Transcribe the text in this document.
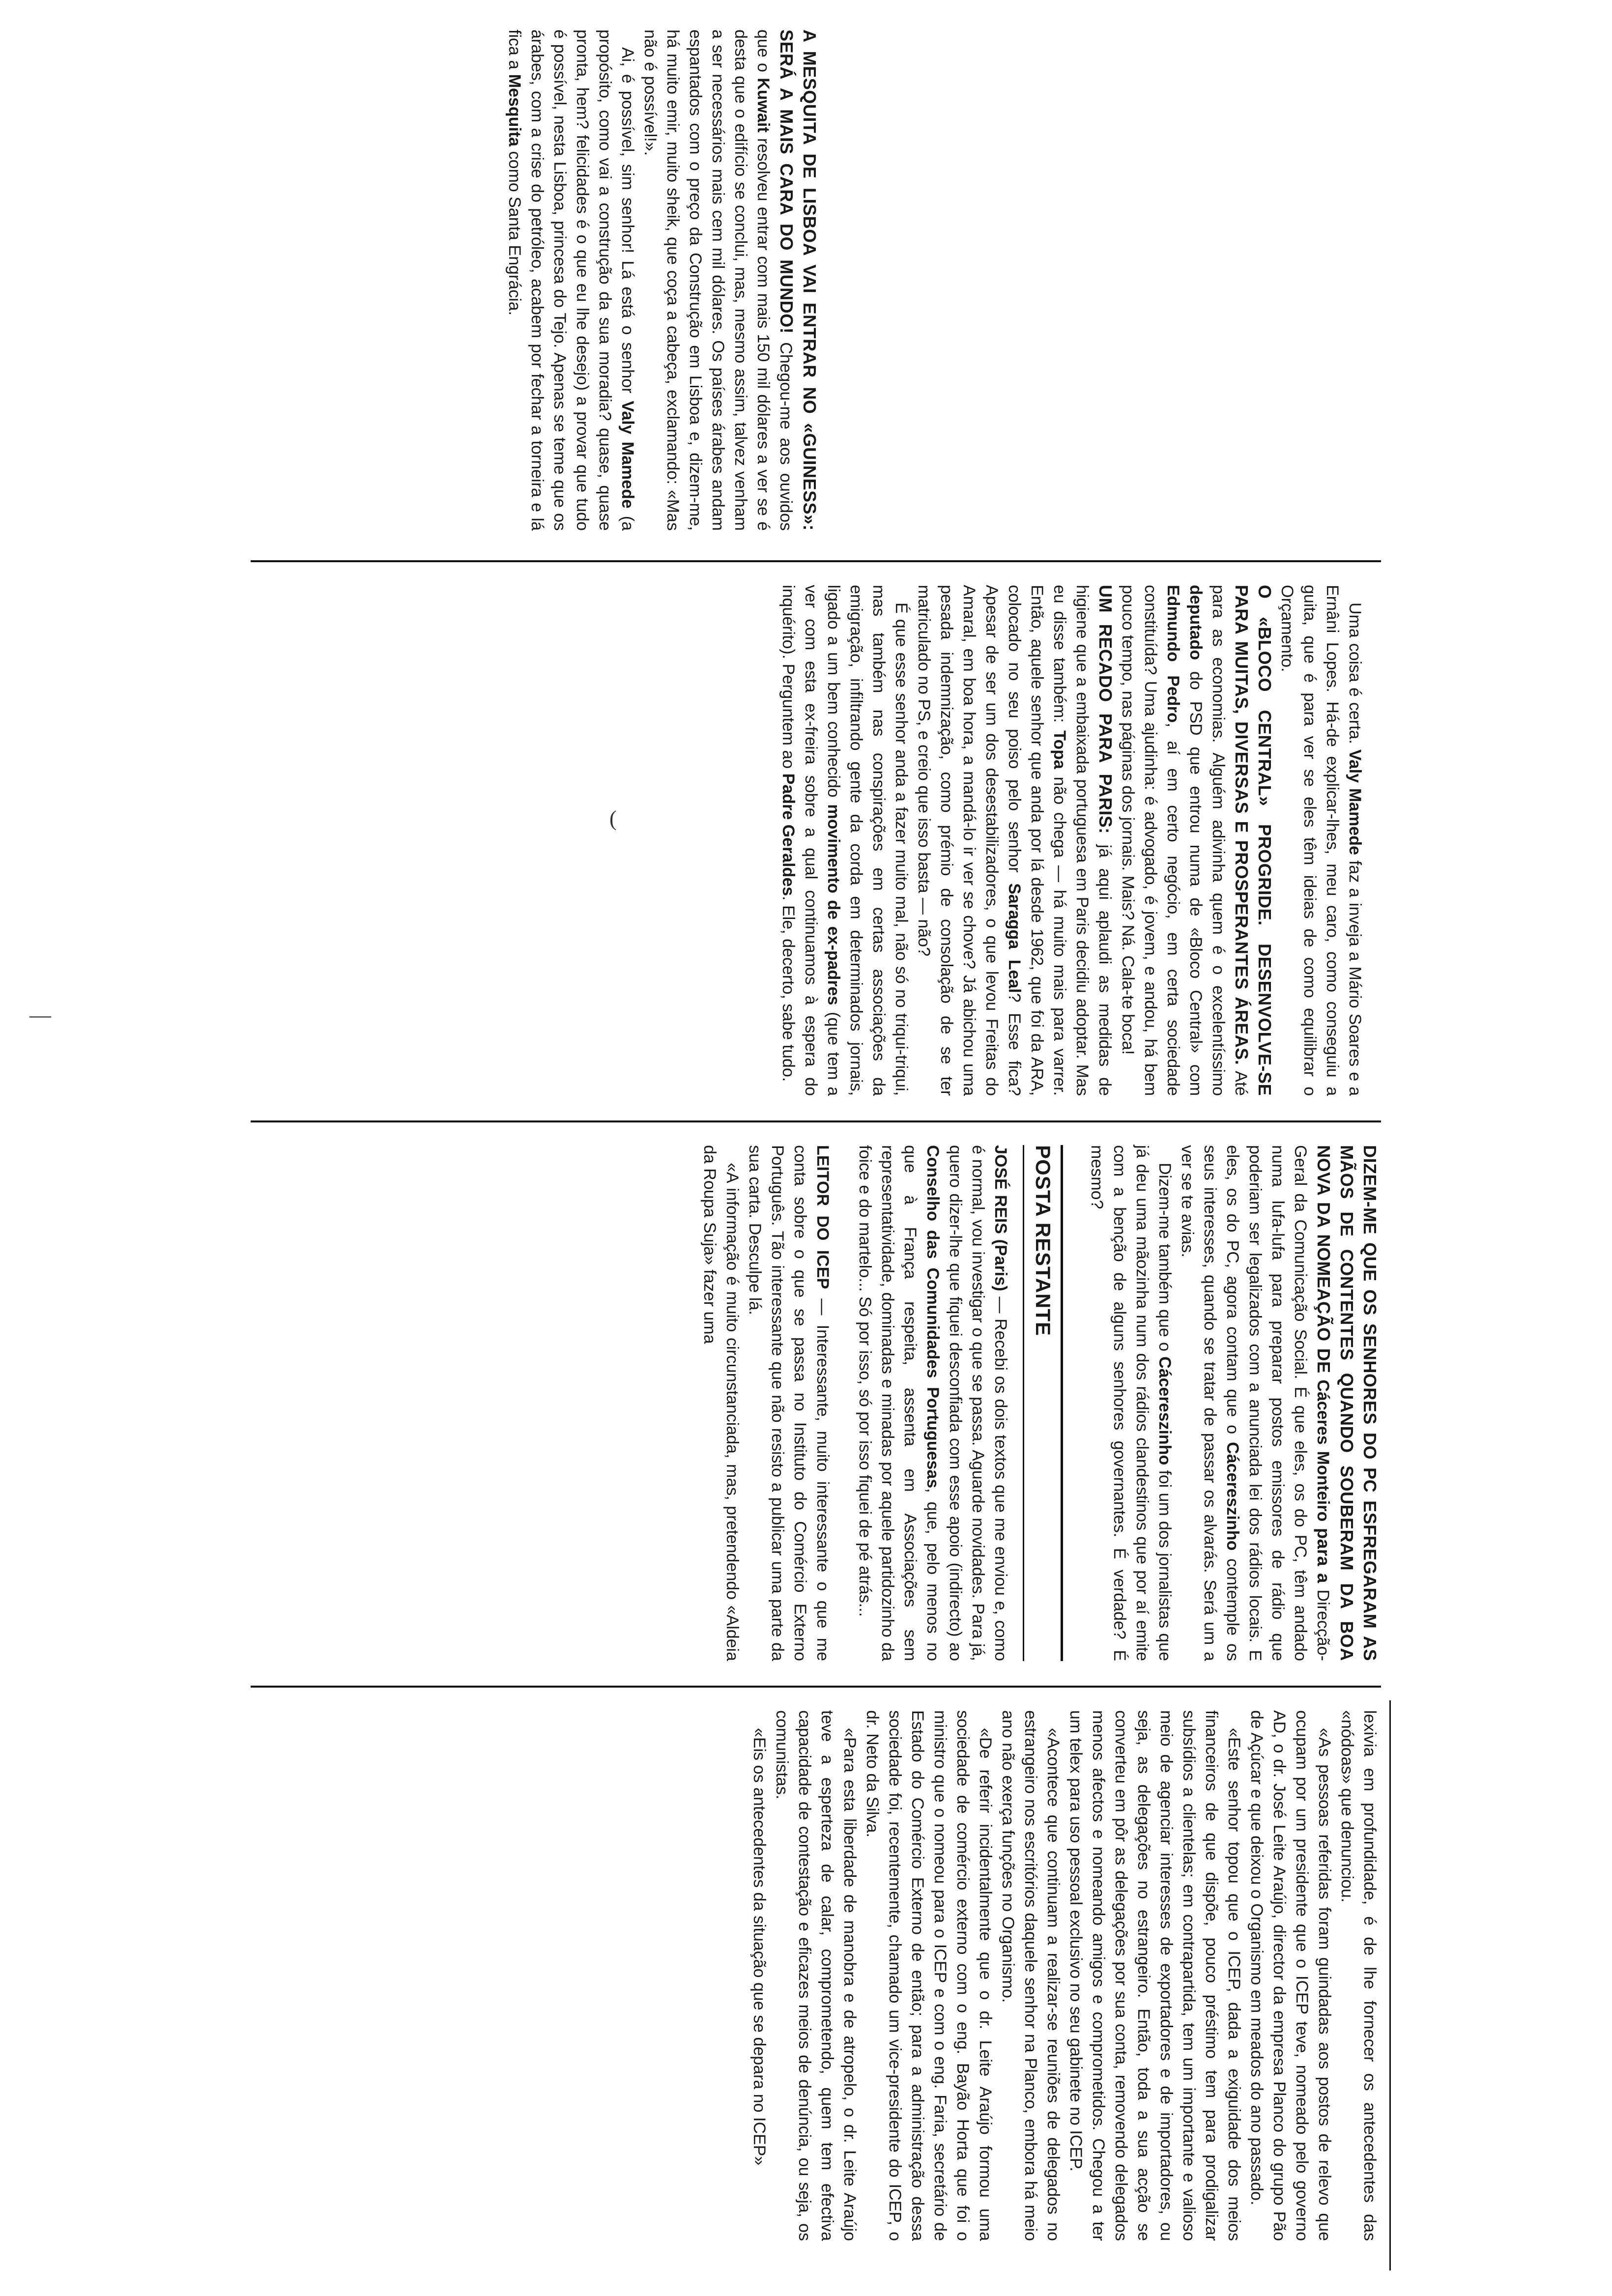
A MESQUITA DE LISBOA VAI ENTRAR NO «GUINESS»: SERÁ A MAIS CARA DO MUNDO! Chegou-me aos ouvidos que o Kuwait resolveu entrar com mais 150 mil dólares a ver se é desta que o edifício se conclui, mas, mesmo assim, talvez venham a ser necessários mais cem mil dólares. Os países árabes andam espantados com o preço da Construção em Lisboa e, dizem-me, há muito emir, muito sheik, que coça a cabeça, exclamando: «Mas não é possível!».

Ai, é possível, sim senhor! Lá está o senhor Valy Mamede (a propósito, como vai a construção da sua moradia? quase, quase pronta, hem? felicidades é o que eu lhe desejo) a provar que tudo é possível, nesta Lisboa, princesa do Tejo. Apenas se teme que os árabes, com a crise do petróleo, acabem por fechar a torneira e lá fica a Mesquita como Santa Engrácia.

Uma coisa é certa. Valy Mamede faz a inveja a Mário Soares e a Ernâni Lopes. Há-de explicar-lhes, meu caro, como conseguiu a guita, que é para ver se eles têm ideias de como equilibrar o Orçamento.

O «BLOCO CENTRAL» PROGRIDE. DESENVOLVE-SE PARA MUITAS, DIVERSAS E PROSPERANTES ÁREAS. Até para as economias. Alguém adivinha quem é o excelentíssimo deputado do PSD que entrou numa de «Bloco Central» com Edmundo Pedro, aí em certo negócio, em certa sociedade constituída? Uma ajudinha: é advogado, é jovem, e andou, há bem pouco tempo, nas páginas dos jornais. Mais? Ná. Cala-te boca!

UM RECADO PARA PARIS: já aqui aplaudi as medidas de higiene que a embaixada portuguesa em Paris decidiu adoptar. Mas eu disse também: Topa não chega — há muito mais para varrer. Então, aquele senhor que anda por lá desde 1962, que foi da ARA, colocado no seu poiso pelo senhor Saragga Leal? Esse fica? Apesar de ser um dos desestabilizadores, o que levou Freitas do Amaral, em boa hora, a mandá-lo ir ver se chove? Já abichou uma pesada indemnização, como prémio de consolação de se ter matriculado no PS, e creio que isso basta — não?

É que esse senhor anda a fazer muito mal, não só no triqui-triqui, mas também nas conspirações em certas associações da emigração, infiltrando gente da corda em determinados jornais, ligado a um bem conhecido movimento de ex-padres (que tem a ver com esta ex-freira sobre a qual continuamos à espera do inquérito). Perguntem ao Padre Geraldes. Ele, decerto, sabe tudo.

DIZEM-ME QUE OS SENHORES DO PC ESFREGARAM AS MÃOS DE CONTENTES QUANDO SOUBERAM DA BOA NOVA DA NOMEAÇÃO DE Cáceres Monteiro para a Direcção-Geral da Comunicação Social. É que eles, os do PC, têm andado numa lufa-lufa para preparar postos emissores de rádio que poderiam ser legalizados com a anunciada lei dos rádios locais. E eles, os do PC, agora contam que o Cácereszinho contemple os seus interesses, quando se tratar de passar os alvarás. Será um a ver se te avias.

Dizem-me também que o Cácereszinho foi um dos jornalistas que já deu uma mãozinha num dos rádios clandestinos que por aí emite com a benção de alguns senhores governantes. É verdade? É mesmo?

POSTA RESTANTE

JOSÉ REIS (Paris) — Recebi os dois textos que me enviou e, como é normal, vou investigar o que se passa. Aguarde novidades. Para já, quero dizer-lhe que fiquei desconfiada com esse apoio (indirecto) ao Conselho das Comunidades Portuguesas, que, pelo menos no que à França respeita, assenta em Associações sem representatividade, dominadas e minadas por aquele partidozinho da foice e do martelo... Só por isso, só por isso fiquei de pé atrás...

LEITOR DO ICEP — Interessante, muito interessante o que me conta sobre o que se passa no Instituto do Comércio Externo Português. Tão interessante que não resisto a publicar uma parte da sua carta. Desculpe lá.

«A informação é muito circunstanciada, mas, pretendendo «Aldeia da Roupa Suja» fazer uma

lexivia em profundidade, é de lhe fornecer os antecedentes das «nódoas» que denunciou.

«As pessoas referidas foram guindadas aos postos de relevo que ocupam por um presidente que o ICEP teve, nomeado pelo governo AD, o dr. José Leite Araújo, director da empresa Planco do grupo Pão de Açúcar e que deixou o Organismo em meados do ano passado.

«Este senhor topou que o ICEP, dada a exiguidade dos meios financeiros de que dispõe, pouco préstimo tem para prodigalizar subsídios a clientelas; em contrapartida, tem um importante e valioso meio de agenciar interesses de exportadores e de importadores, ou seja, as delegações no estrangeiro. Então, toda a sua acção se converteu em pôr as delegações por sua conta, removendo delegados menos afectos e nomeando amigos e comprometidos. Chegou a ter um telex para uso pessoal exclusivo no seu gabinete no ICEP.

«Acontece que continuam a realizar-se reuniões de delegados no estrangeiro nos escritórios daquele senhor na Planco, embora há meio ano não exerça funções no Organismo.

«De referir incidentalmente que o dr. Leite Araújo formou uma sociedade de comércio externo com o eng. Bayão Horta que foi o ministro que o nomeou para o ICEP e com o eng. Faria, secretário de Estado do Comércio Externo de então; para a administração dessa sociedade foi, recentemente, chamado um vice-presidente do ICEP, o dr. Neto da Silva.

«Para esta liberdade de manobra e de atropelo, o dr. Leite Araújo teve a esperteza de calar, comprometendo, quem tem efectiva capacidade de contestação e eficazes meios de denúncia, ou seja, os comunistas.

«Eis os antecedentes da situação que se depara no ICEP»

(
—
